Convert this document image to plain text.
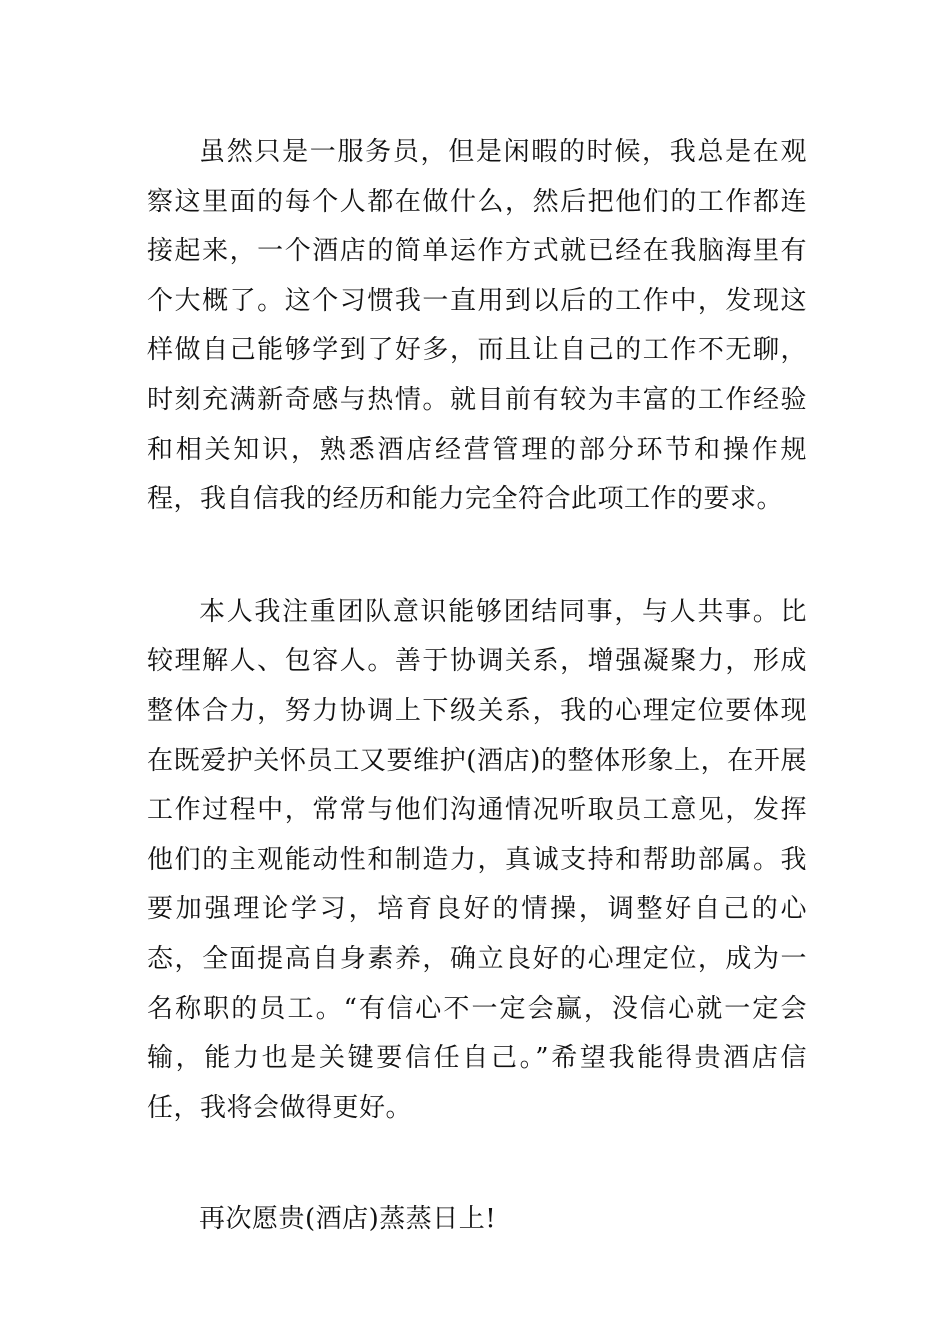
虽然只是一服务员，但是闲暇的时候，我总是在观察这里面的每个人都在做什么，然后把他们的工作都连接起来，一个酒店的简单运作方式就已经在我脑海里有个大概了。这个习惯我一直用到以后的工作中，发现这样做自己能够学到了好多，而且让自己的工作不无聊，时刻充满新奇感与热情。就目前有较为丰富的工作经验和相关知识，熟悉酒店经营管理的部分环节和操作规程，我自信我的经历和能力完全符合此项工作的要求。

本人我注重团队意识能够团结同事，与人共事。比较理解人、包容人。善于协调关系，增强凝聚力，形成整体合力，努力协调上下级关系，我的心理定位要体现在既爱护关怀员工又要维护(酒店)的整体形象上，在开展工作过程中，常常与他们沟通情况听取员工意见，发挥他们的主观能动性和制造力，真诚支持和帮助部属。我要加强理论学习，培育良好的情操，调整好自己的心态，全面提高自身素养，确立良好的心理定位，成为一名称职的员工。“有信心不一定会赢，没信心就一定会输，能力也是关键要信任自己。”希望我能得贵酒店信任，我将会做得更好。

再次愿贵(酒店)蒸蒸日上!
